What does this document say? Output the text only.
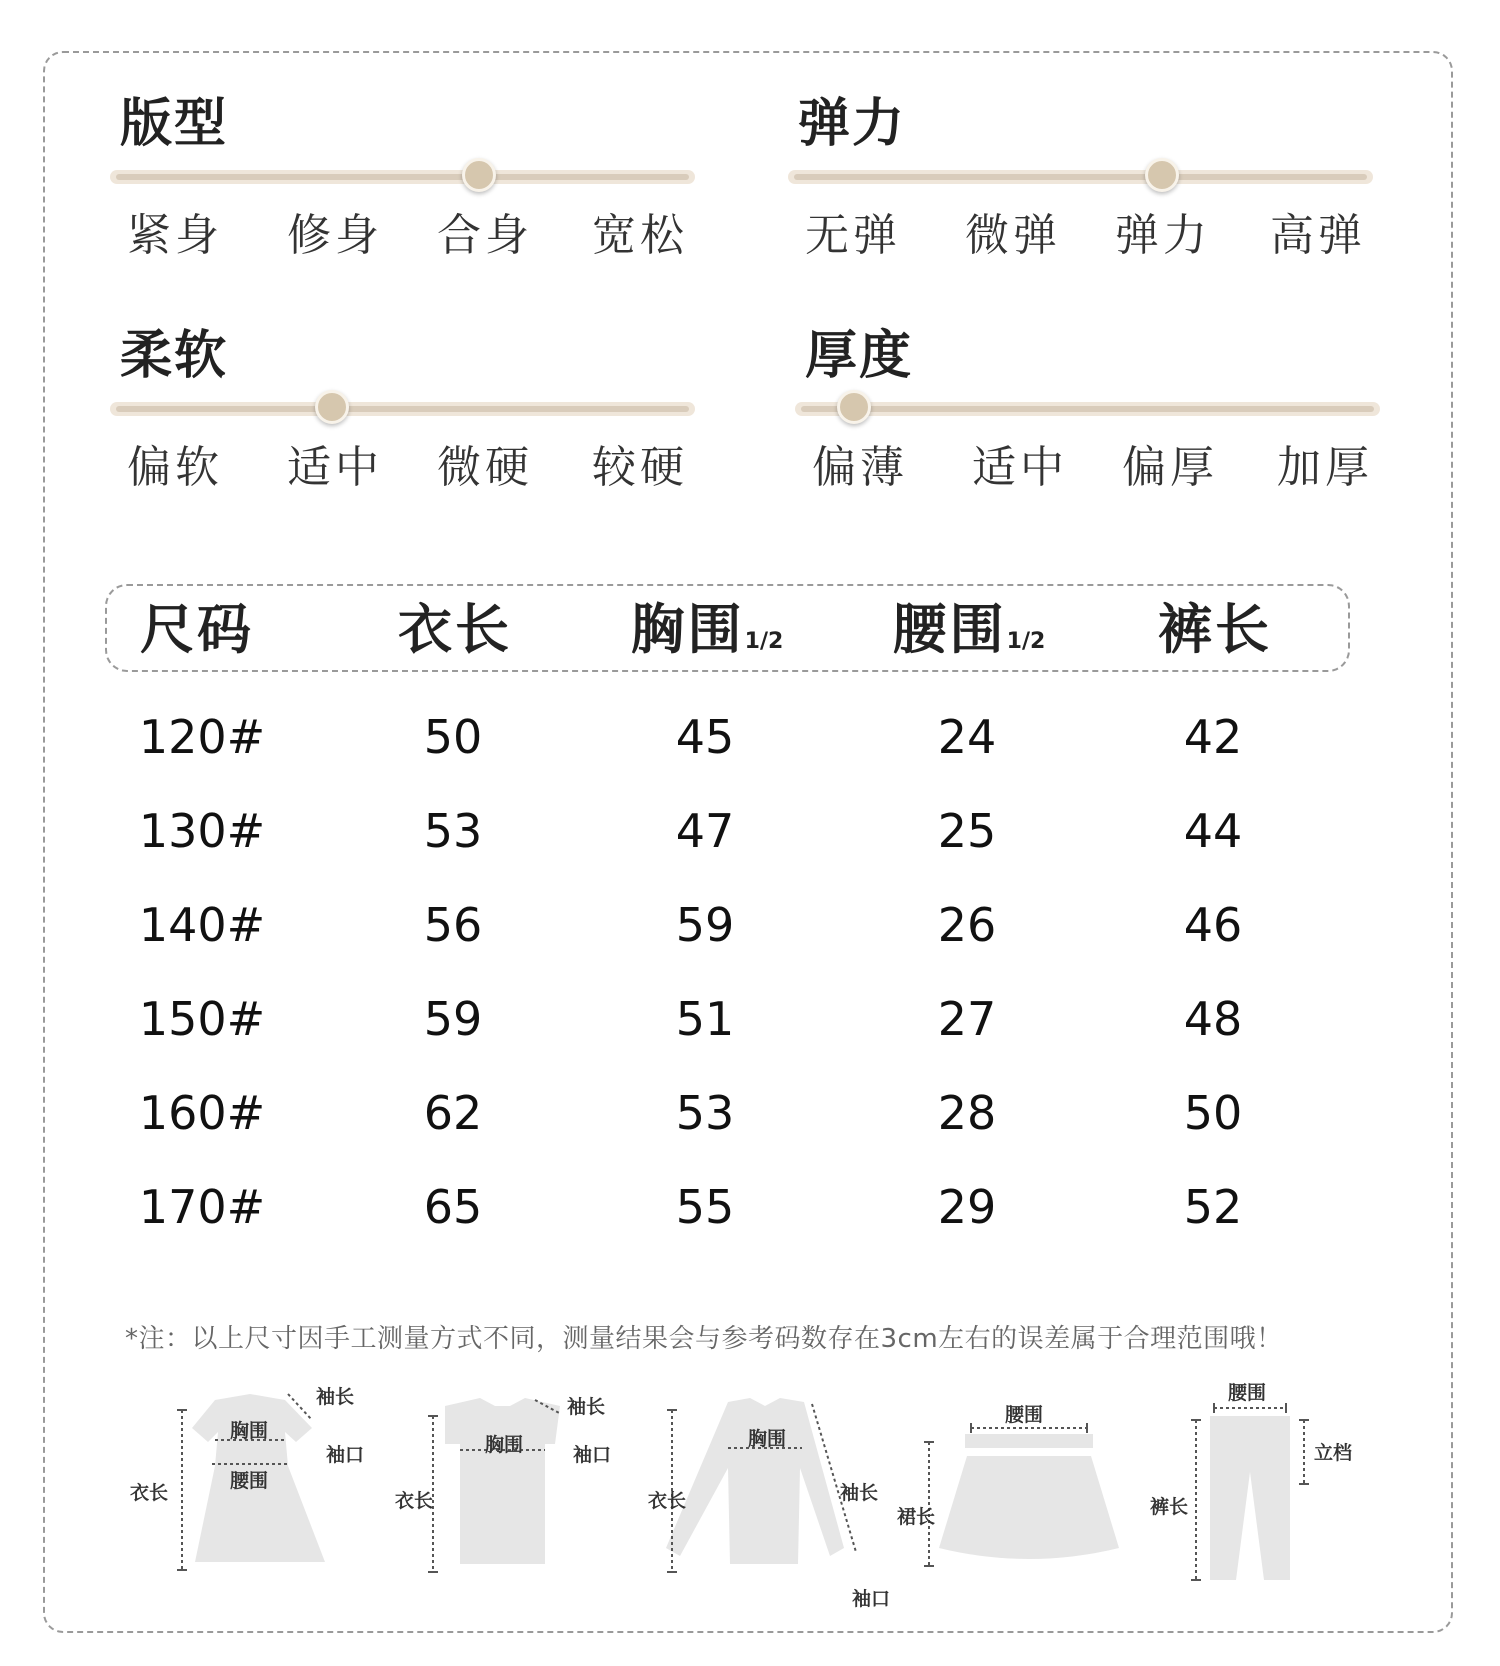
版型
紧身	修身	合身	宽松
弹力
无弹	微弹	弹力	高弹
柔软
偏软	适中	微硬	较硬
厚度
偏薄	适中	偏厚	加厚
尺码	衣长 胸围1/2 腰围1/2 裤长
120#	50	45	24	42
130#	53	47	25	44
140#	56	59	26	46
150#	59	51	27	48
160#	62	53	28	50
170#	65	55	29	52
*注：以上尺寸因手工测量方式不同，测量结果会与参考码数存在3cm左右的误差属于合理范围哦！
衣长
胸围
腰围
袖长
袖口
衣长
胸围
袖长
袖口
衣长
胸围
袖长
袖口
腰围
裙长
腰围
立档
裤长
